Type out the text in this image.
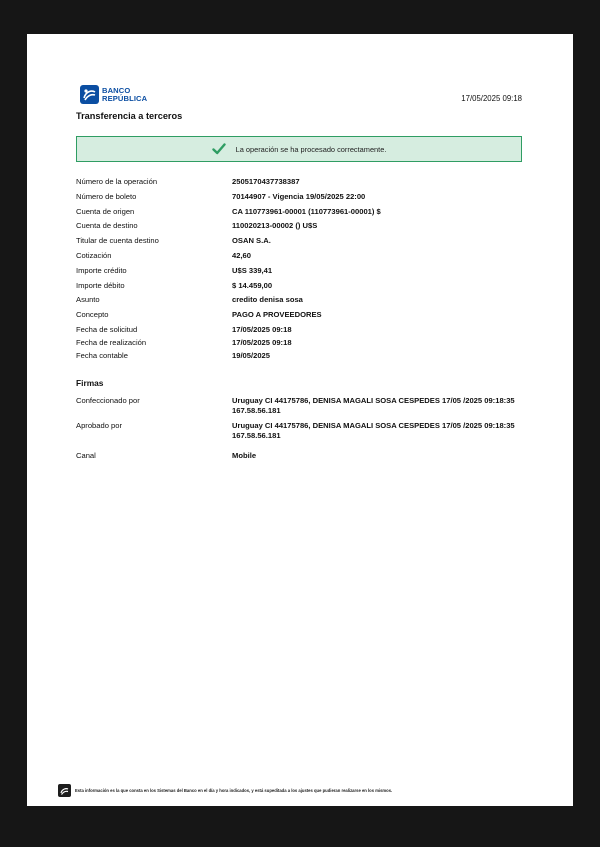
BANCO
REPÚBLICA	17/05/2025 09:18
Transferencia a terceros
La operación se ha procesado correctamente.
Número de la operación	2505170437738387
Número de boleto	70144907 - Vigencia 19/05/2025 22:00
Cuenta de origen	CA 110773961-00001 (110773961-00001) $
Cuenta de destino	110020213-00002 () U$S
Titular de cuenta destino	OSAN S.A.
Cotización	42,60
Importe crédito	U$S 339,41
Importe débito	$ 14.459,00
Asunto	credito denisa sosa
Concepto	PAGO A PROVEEDORES
Fecha de solicitud	17/05/2025 09:18
Fecha de realización	17/05/2025 09:18
Fecha contable	19/05/2025
Firmas
Confeccionado por	Uruguay CI 44175786, DENISA MAGALI SOSA CESPEDES 17/05 /2025 09:18:35 167.58.56.181
Aprobado por	Uruguay CI 44175786, DENISA MAGALI SOSA CESPEDES 17/05 /2025 09:18:35 167.58.56.181
Canal	Mobile
Esta información es la que consta en los Sistemas del Banco en el día y hora indicados, y está supeditada a los ajustes que pudieran realizarse en los mismos.
